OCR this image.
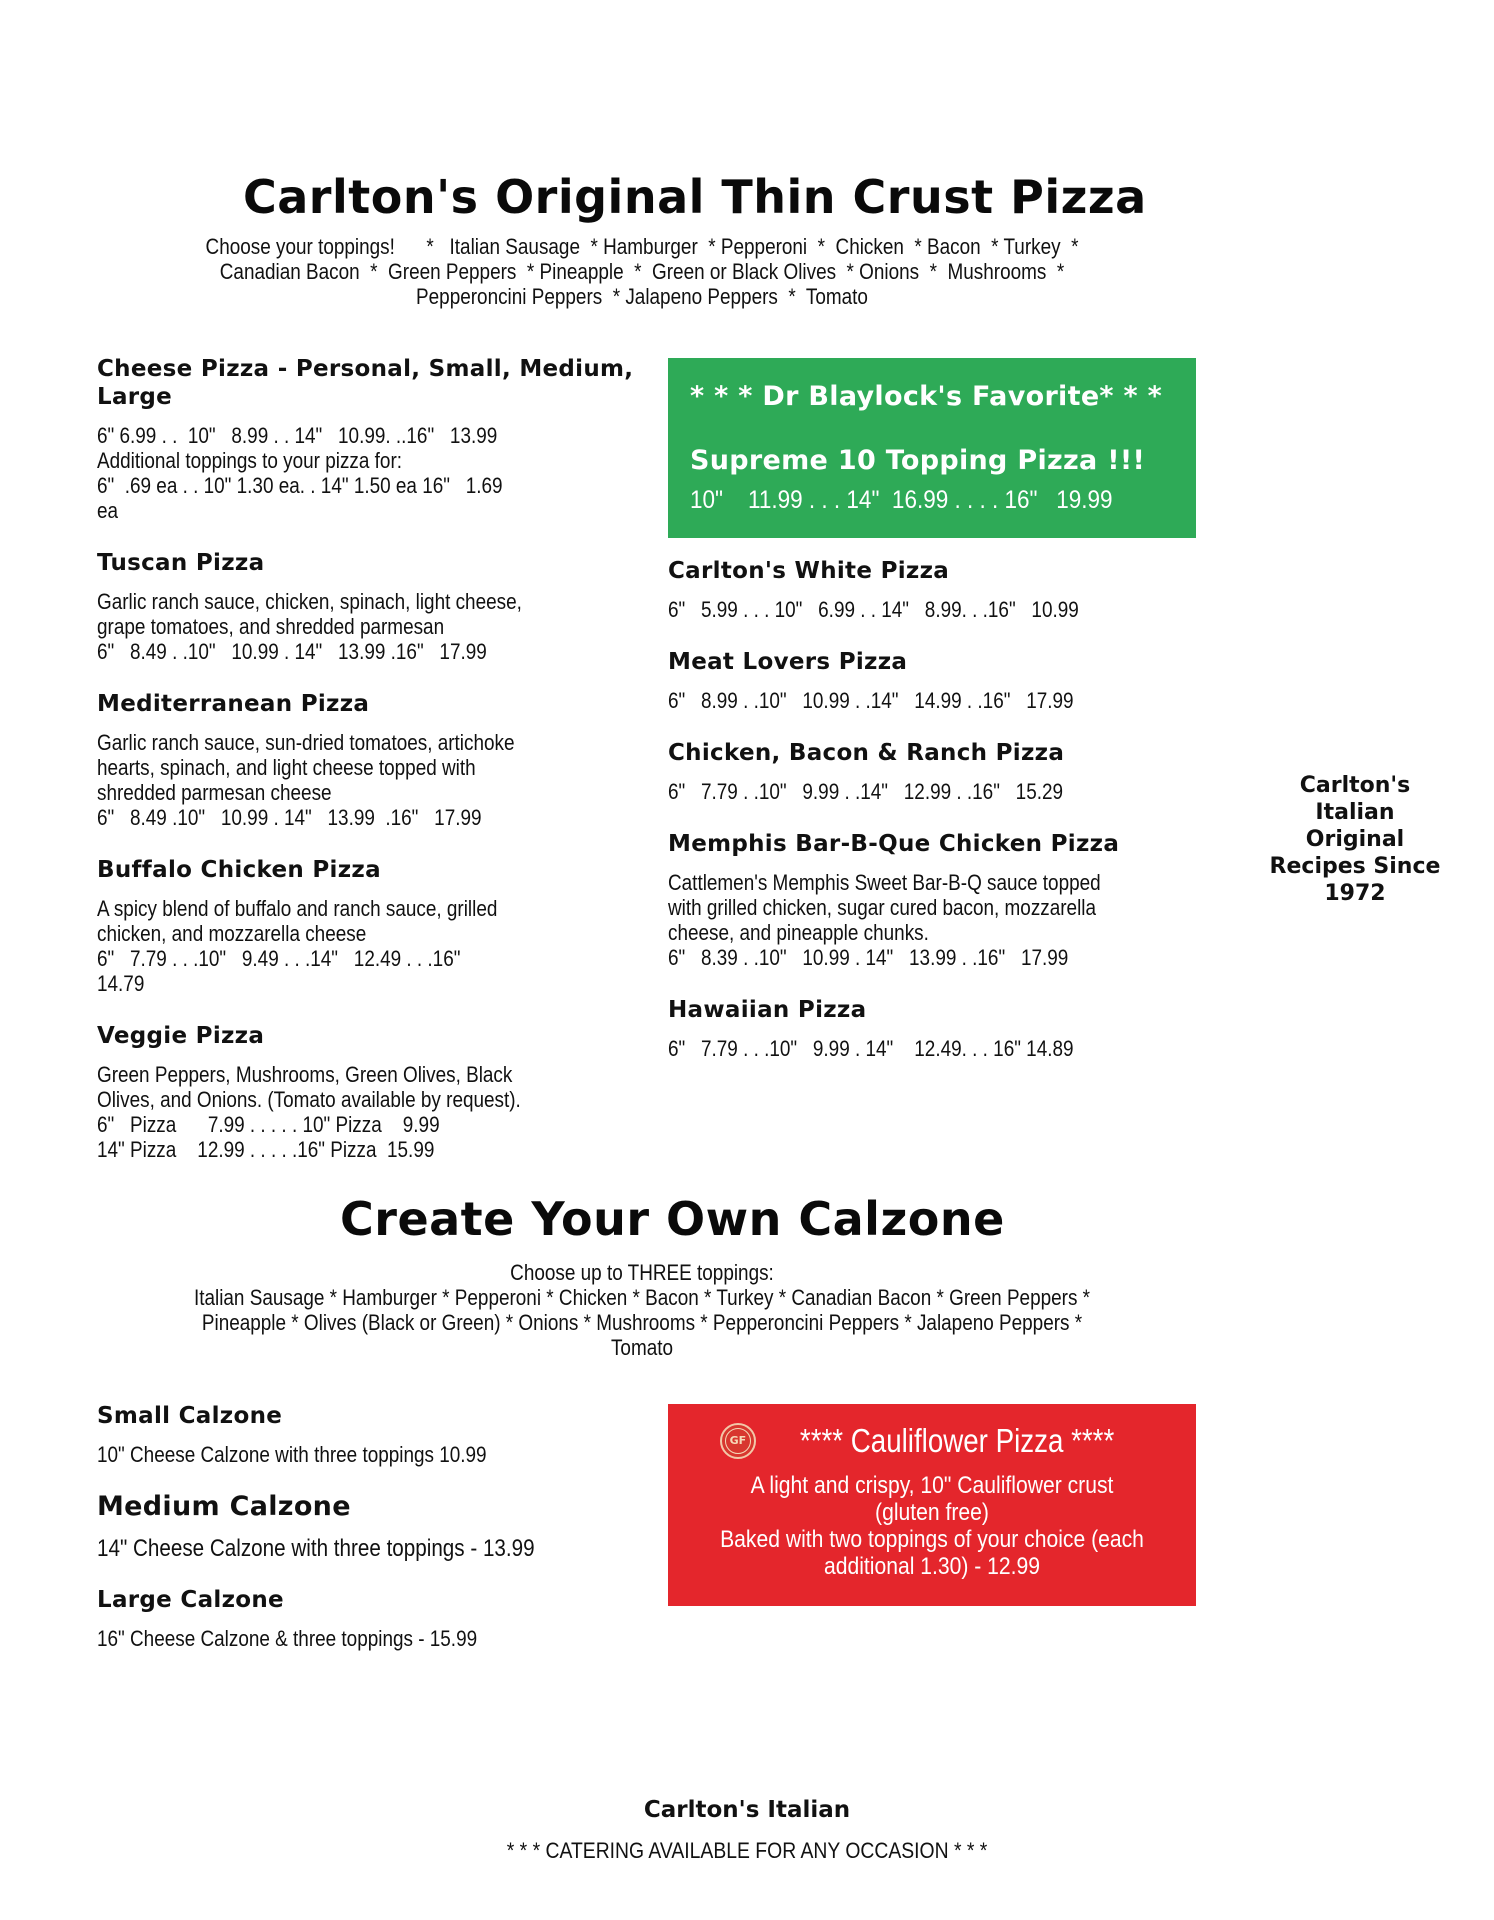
Carlton's Original Thin Crust Pizza
Choose your toppings!      *   Italian Sausage  * Hamburger  * Pepperoni  *  Chicken  * Bacon  * Turkey  *
Canadian Bacon  *  Green Peppers  * Pineapple  *  Green or Black Olives  * Onions  *  Mushrooms  *
Pepperoncini Peppers  * Jalapeno Peppers  *  Tomato
Cheese Pizza - Personal, Small, Medium, Large
6" 6.99 . .  10"   8.99 . . 14"   10.99. ..16"   13.99
Additional toppings to your pizza for:
6"  .69 ea . . 10" 1.30 ea. . 14" 1.50 ea 16"   1.69
ea
Tuscan Pizza
Garlic ranch sauce, chicken, spinach, light cheese,
grape tomatoes, and shredded parmesan
6"   8.49 . .10"   10.99 . 14"   13.99 .16"   17.99
Mediterranean Pizza
Garlic ranch sauce, sun-dried tomatoes, artichoke
hearts, spinach, and light cheese topped with
shredded parmesan cheese
6"   8.49 .10"   10.99 . 14"   13.99  .16"   17.99
Buffalo Chicken Pizza
A spicy blend of buffalo and ranch sauce, grilled
chicken, and mozzarella cheese
6"   7.79 . . .10"   9.49 . . .14"   12.49 . . .16"
14.79
Veggie Pizza
Green Peppers, Mushrooms, Green Olives, Black
Olives, and Onions. (Tomato available by request).
6"   Pizza      7.99 . . . . . 10" Pizza    9.99
14" Pizza    12.99 . . . . .16" Pizza  15.99
* * * Dr Blaylock's Favorite* * *
Supreme 10 Topping Pizza !!!
10"    11.99 . . . 14"  16.99 . . . . 16"   19.99
Carlton's White Pizza
6"   5.99 . . . 10"   6.99 . . 14"   8.99. . .16"   10.99
Meat Lovers Pizza
6"   8.99 . .10"   10.99 . .14"   14.99 . .16"   17.99
Chicken, Bacon & Ranch Pizza
6"   7.79 . .10"   9.99 . .14"   12.99 . .16"   15.29
Memphis Bar-B-Que Chicken Pizza
Cattlemen's Memphis Sweet Bar-B-Q sauce topped
with grilled chicken, sugar cured bacon, mozzarella
cheese, and pineapple chunks.
6"   8.39 . .10"   10.99 . 14"   13.99 . .16"   17.99
Hawaiian Pizza
6"   7.79 . . .10"   9.99 . 14"    12.49. . . 16" 14.89
Carlton's
Italian
Original
Recipes Since
1972
Create Your Own Calzone
Choose up to THREE toppings:
Italian Sausage * Hamburger * Pepperoni * Chicken * Bacon * Turkey * Canadian Bacon * Green Peppers *
Pineapple * Olives (Black or Green) * Onions * Mushrooms * Pepperoncini Peppers * Jalapeno Peppers *
Tomato
Small Calzone
10" Cheese Calzone with three toppings 10.99
Medium Calzone
14" Cheese Calzone with three toppings - 13.99
Large Calzone
16" Cheese Calzone & three toppings - 15.99
GF
**** Cauliflower Pizza ****
A light and crispy, 10" Cauliflower crust
(gluten free)
Baked with two toppings of your choice (each
additional 1.30) - 12.99
Carlton's Italian
* * * CATERING AVAILABLE FOR ANY OCCASION * * *
